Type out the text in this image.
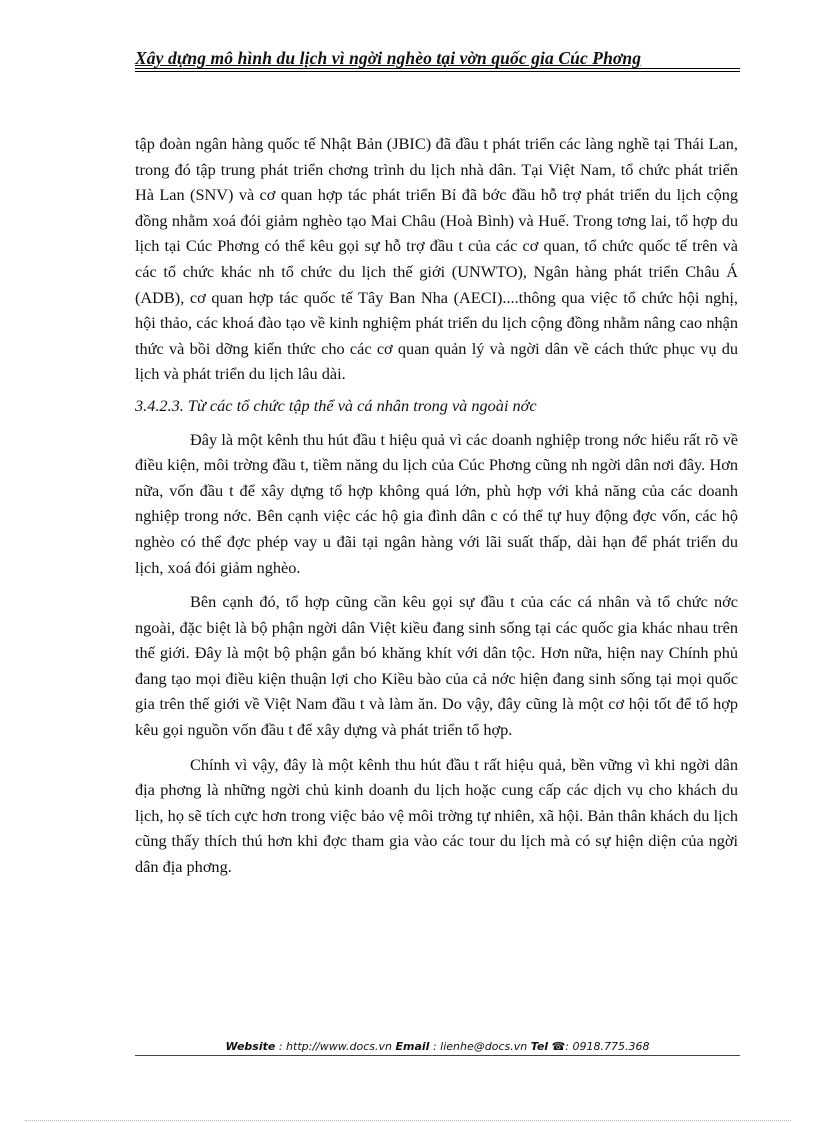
Xây dựng mô hình du lịch vì ngời nghèo tại vờn quốc gia Cúc Phơng

tập đoàn ngân hàng quốc tế Nhật Bản (JBIC) đã đầu t phát triển các làng nghề tại Thái Lan, trong đó tập trung phát triển chơng trình du lịch nhà dân. Tại Việt Nam, tổ chức phát triển Hà Lan (SNV) và cơ quan hợp tác phát triển Bỉ đã bớc đầu hỗ trợ phát triển du lịch cộng đồng nhằm xoá đói giảm nghèo tạo Mai Châu (Hoà Bình) và Huế. Trong tơng lai, tổ hợp du lịch tại Cúc Phơng có thể kêu gọi sự hỗ trợ đầu t của các cơ quan, tổ chức quốc tế trên và các tổ chức khác nh tổ chức du lịch thế giới (UNWTO), Ngân hàng phát triển Châu Á (ADB), cơ quan hợp tác quốc tế Tây Ban Nha (AECI)....thông qua việc tổ chức hội nghị, hội thảo, các khoá đào tạo về kinh nghiệm phát triển du lịch cộng đồng nhằm nâng cao nhận thức và bồi dỡng kiến thức cho các cơ quan quản lý và ngời dân về cách thức phục vụ du lịch và phát triển du lịch lâu dài.

3.4.2.3. Từ các tổ chức tập thể và cá nhân trong và ngoài nớc

Đây là một kênh thu hút đầu t hiệu quả vì các doanh nghiệp trong nớc hiểu rất rõ về điều kiện, môi trờng đầu t, tiềm năng du lịch của Cúc Phơng cũng nh ngời dân nơi đây. Hơn nữa, vốn đầu t để xây dựng tổ hợp không quá lớn, phù hợp với khả năng của các doanh nghiệp trong nớc. Bên cạnh việc các hộ gia đình dân c có thể tự huy động đợc vốn, các hộ nghèo có thể đợc phép vay u đãi tại ngân hàng với lãi suất thấp, dài hạn để phát triển du lịch, xoá đói giảm nghèo.

Bên cạnh đó, tổ hợp cũng cần kêu gọi sự đầu t của các cá nhân và tổ chức nớc ngoài, đặc biệt là bộ phận ngời dân Việt kiều đang sinh sống tại các quốc gia khác nhau trên thế giới. Đây là một bộ phận gắn bó khăng khít với dân tộc. Hơn nữa, hiện nay Chính phủ đang tạo mọi điều kiện thuận lợi cho Kiều bào của cả nớc hiện đang sinh sống tại mọi quốc gia trên thế giới về Việt Nam đầu t và làm ăn. Do vậy, đây cũng là một cơ hội tốt để tổ hợp kêu gọi nguồn vốn đầu t để xây dựng và phát triển tổ hợp.

Chính vì vậy, đây là một kênh thu hút đầu t rất hiệu quả, bền vững vì khi ngời dân địa phơng là những ngời chủ kinh doanh du lịch hoặc cung cấp các dịch vụ cho khách du lịch, họ sẽ tích cực hơn trong việc bảo vệ môi trờng tự nhiên, xã hội. Bản thân khách du lịch cũng thấy thích thú hơn khi đợc tham gia vào các tour du lịch mà có sự hiện diện của ngời dân địa phơng.

Website : http://www.docs.vn Email : lienhe@docs.vn Tel ☎: 0918.775.368
